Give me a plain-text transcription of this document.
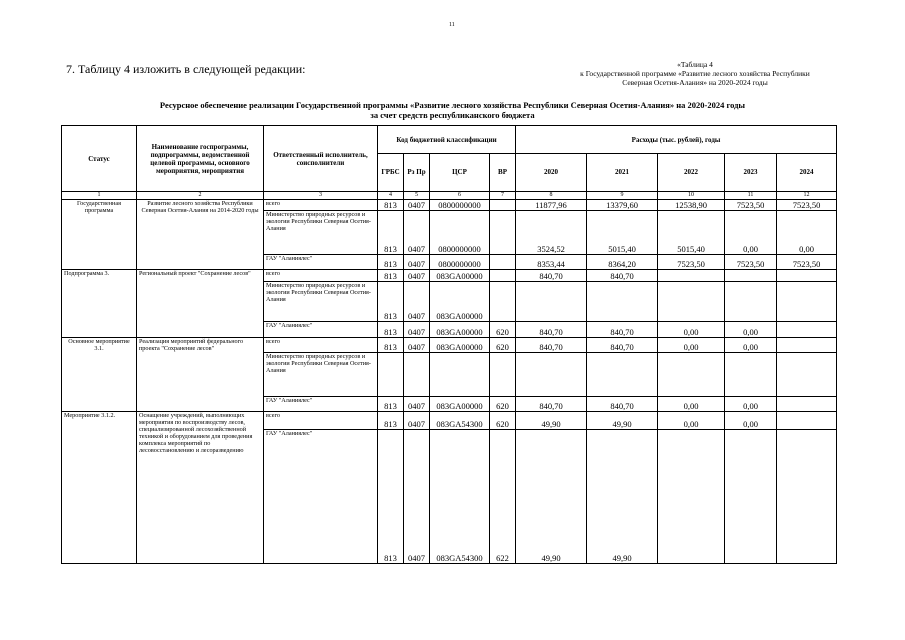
11
7. Таблицу 4 изложить в следующей редакции:	«Таблица 4
к Государственной программе «Развитие лесного хозяйства Республики
Северная Осетия-Алания» на 2020-2024 годы
Ресурсное обеспечение реализации Государственной программы «Развитие лесного хозяйства Республики Северная Осетия-Алания» на 2020-2024 годы
за счет средств республиканского бюджета
Статус	Наименование госпрограммы, подпрограммы, ведомственной целевой программы, основного мероприятия, мероприятия	Ответственный исполнитель, соисполнители	Код бюджетной классификации				Расходы (тыс. рублей), годы				
			ГРБС	Рз Пр	ЦСР	ВР	2020	2021	2022	2023	2024
1	2	3	4	5	6	7	8	9	10	11	12
Государственная программа	Развитие лесного хозяйства Республики Северная Осетия-Алания на 2014-2020 годы	всего	813	0407	0800000000		11877,96	13379,60	12538,90	7523,50	7523,50
		Министерство природных ресурсов и экологии Республики Северная Осетия-Алания	813	0407	0800000000		3524,52	5015,40	5015,40	0,00	0,00
		ГАУ "Аланиялес"	813	0407	0800000000		8353,44	8364,20	7523,50	7523,50	7523,50
Подпрограмма 3.	Региональный проект "Сохранение лесов"	всего	813	0407	083GA00000		840,70	840,70			
		Министерство природных ресурсов и экологии Республики Северная Осетия-Алания	813	0407	083GA00000						
		ГАУ "Аланиялес"	813	0407	083GA00000	620	840,70	840,70	0,00	0,00	
Основное мероприятие 3.1.	Реализация мероприятий федерального проекта "Сохранение лесов"	всего	813	0407	083GA00000	620	840,70	840,70	0,00	0,00	
		Министерство природных ресурсов и экологии Республики Северная Осетия-Алания									
		ГАУ "Аланиялес"	813	0407	083GA00000	620	840,70	840,70	0,00	0,00	
Мероприятие 3.1.2.	Оснащение учреждений, выполняющих мероприятия по воспроизводству лесов, специализированной лесохозяйственной техникой и оборудованием для проведения комплекса мероприятий по лесовосстановлению и лесоразведению	всего	813	0407	083GA54300	620	49,90	49,90	0,00	0,00	
		ГАУ "Аланиялес"	813	0407	083GA54300	622	49,90	49,90			
